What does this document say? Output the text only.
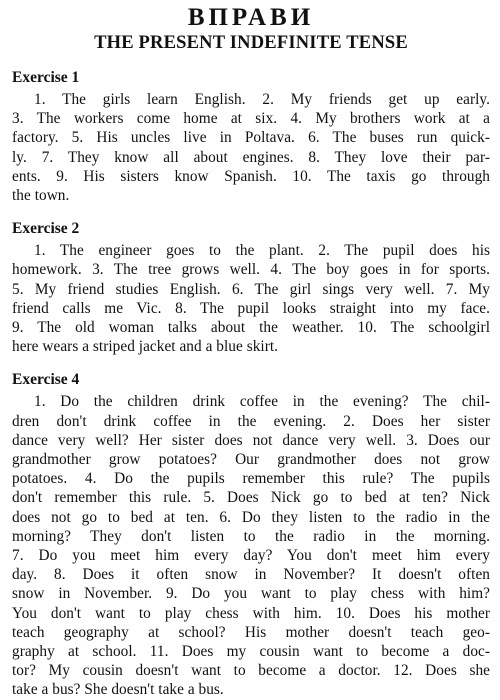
ВПРАВИ
THE PRESENT INDEFINITE TENSE
Exercise 1
1. The girls learn English. 2. My friends get up early.
3. The workers come home at six. 4. My brothers work at a
factory. 5. His uncles live in Poltava. 6. The buses run quick-
ly. 7. They know all about engines. 8. They love their par-
ents. 9. His sisters know Spanish. 10. The taxis go through
the town.
Exercise 2
1. The engineer goes to the plant. 2. The pupil does his
homework. 3. The tree grows well. 4. The boy goes in for sports.
5. My friend studies English. 6. The girl sings very well. 7. My
friend calls me Vic. 8. The pupil looks straight into my face.
9. The old woman talks about the weather. 10. The schoolgirl
here wears a striped jacket and a blue skirt.
Exercise 4
1. Do the children drink coffee in the evening? The chil-
dren don't drink coffee in the evening. 2. Does her sister
dance very well? Her sister does not dance very well. 3. Does our
grandmother grow potatoes? Our grandmother does not grow
potatoes. 4. Do the pupils remember this rule? The pupils
don't remember this rule. 5. Does Nick go to bed at ten? Nick
does not go to bed at ten. 6. Do they listen to the radio in the
morning? They don't listen to the radio in the morning.
7. Do you meet him every day? You don't meet him every
day. 8. Does it often snow in November? It doesn't often
snow in November. 9. Do you want to play chess with him?
You don't want to play chess with him. 10. Does his mother
teach geography at school? His mother doesn't teach geo-
graphy at school. 11. Does my cousin want to become a doc-
tor? My cousin doesn't want to become a doctor. 12. Does she
take a bus? She doesn't take a bus.
